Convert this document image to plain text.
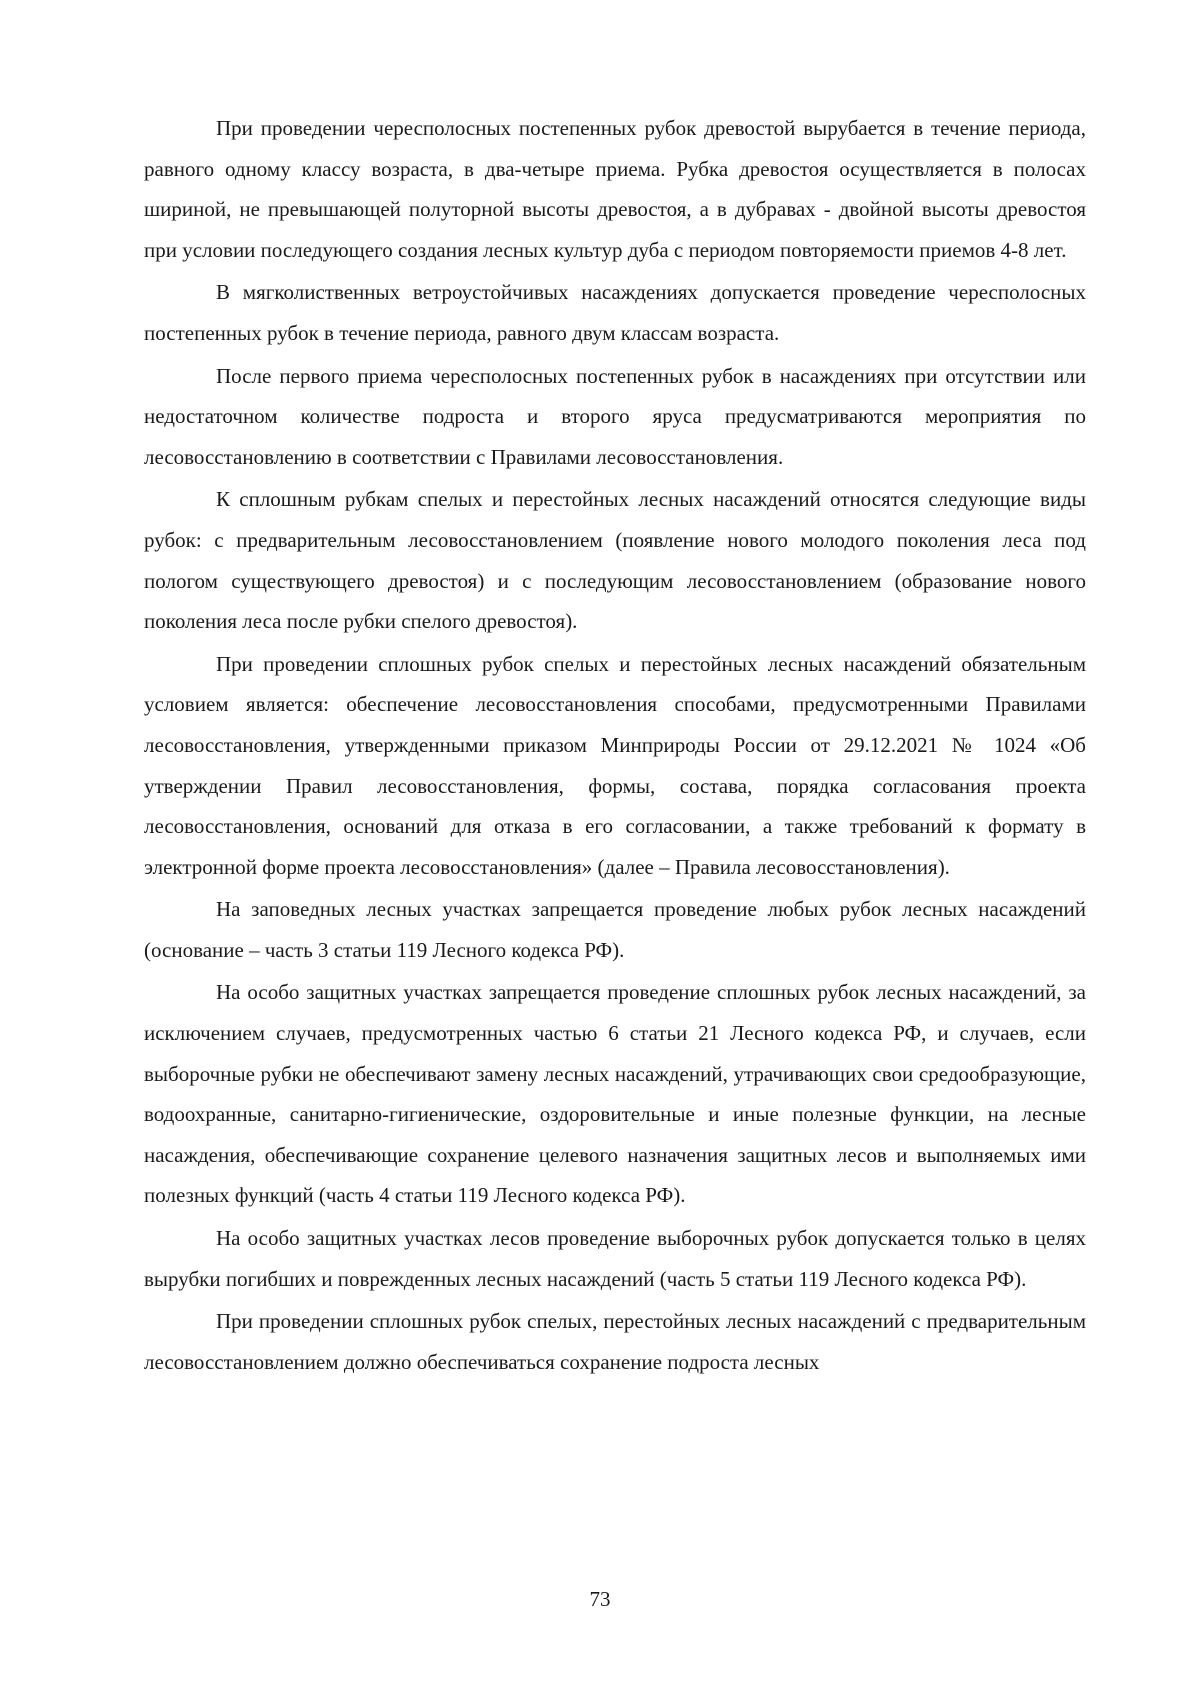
При проведении чересполосных постепенных рубок древостой вырубается в течение периода, равного одному классу возраста, в два-четыре приема. Рубка древостоя осуществляется в полосах шириной, не превышающей полуторной высоты древостоя, а в дубравах - двойной высоты древостоя при условии последующего создания лесных культур дуба с периодом повторяемости приемов 4-8 лет.

В мягколиственных ветроустойчивых насаждениях допускается проведение чересполосных постепенных рубок в течение периода, равного двум классам возраста.

После первого приема чересполосных постепенных рубок в насаждениях при отсутствии или недостаточном количестве подроста и второго яруса предусматриваются мероприятия по лесовосстановлению в соответствии с Правилами лесовосстановления.

К сплошным рубкам спелых и перестойных лесных насаждений относятся следующие виды рубок: с предварительным лесовосстановлением (появление нового молодого поколения леса под пологом существующего древостоя) и с последующим лесовосстановлением (образование нового поколения леса после рубки спелого древостоя).

При проведении сплошных рубок спелых и перестойных лесных насаждений обязательным условием является: обеспечение лесовосстановления способами, предусмотренными Правилами лесовосстановления, утвержденными приказом Минприроды России от 29.12.2021 № 1024 «Об утверждении Правил лесовосстановления, формы, состава, порядка согласования проекта лесовосстановления, оснований для отказа в его согласовании, а также требований к формату в электронной форме проекта лесовосстановления» (далее – Правила лесовосстановления).

На заповедных лесных участках запрещается проведение любых рубок лесных насаждений (основание – часть 3 статьи 119 Лесного кодекса РФ).

На особо защитных участках запрещается проведение сплошных рубок лесных насаждений, за исключением случаев, предусмотренных частью 6 статьи 21 Лесного кодекса РФ, и случаев, если выборочные рубки не обеспечивают замену лесных насаждений, утрачивающих свои средообразующие, водоохранные, санитарно-гигиенические, оздоровительные и иные полезные функции, на лесные насаждения, обеспечивающие сохранение целевого назначения защитных лесов и выполняемых ими полезных функций (часть 4 статьи 119 Лесного кодекса РФ).

На особо защитных участках лесов проведение выборочных рубок допускается только в целях вырубки погибших и поврежденных лесных насаждений (часть 5 статьи 119 Лесного кодекса РФ).

При проведении сплошных рубок спелых, перестойных лесных насаждений с предварительным лесовосстановлением должно обеспечиваться сохранение подроста лесных

73
